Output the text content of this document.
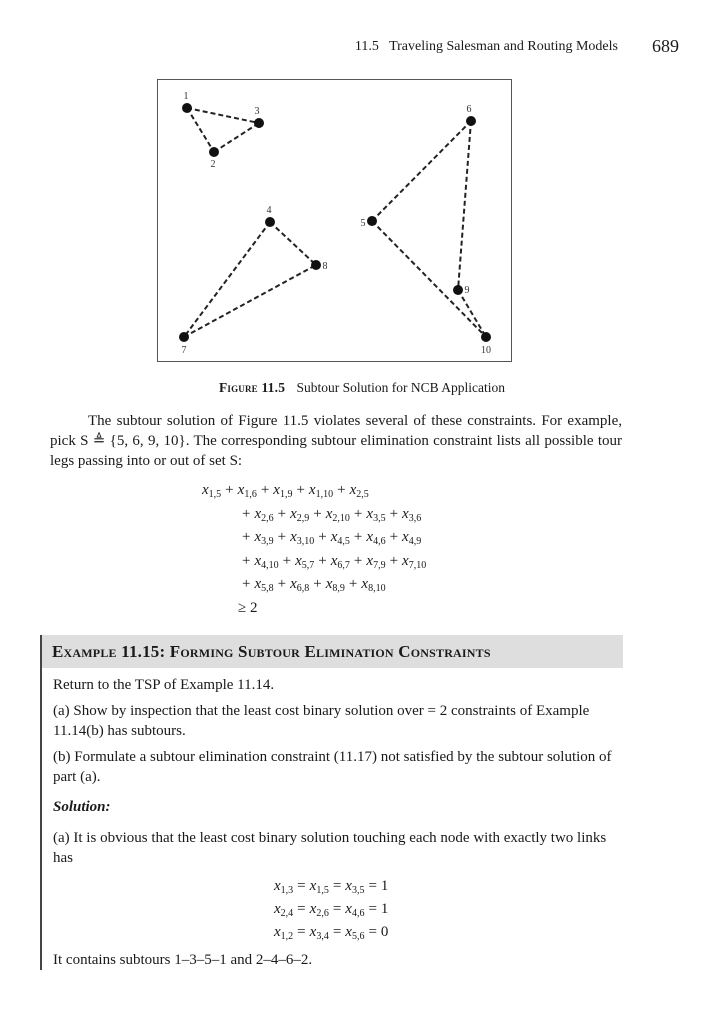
11.5   Traveling Salesman and Routing Models 689
1
2
3
4
5
6
7
8
9
10
Figure 11.5 Subtour Solution for NCB Application
The subtour solution of Figure 11.5 violates several of these constraints. For example, pick S ≜ {5, 6, 9, 10}. The corresponding subtour elimination constraint lists all possible tour legs passing into or out of set S:
$x_{1,5} + x_{1,6} + x_{1,9} + x_{1,10} + x_{2,5}$
+ $x_{2,6} + x_{2,9} + x_{2,10} + x_{3,5} + x_{3,6}$
+ $x_{3,9} + x_{3,10} + x_{4,5} + x_{4,6} + x_{4,9}$
+ $x_{4,10} + x_{5,7} + x_{6,7} + x_{7,9} + x_{7,10}$
+ $x_{5,8} + x_{6,8} + x_{8,9} + x_{8,10}$
≥ 2
Example 11.15: Forming Subtour Elimination Constraints
Return to the TSP of Example 11.14.
(a) Show by inspection that the least cost binary solution over = 2 constraints of Example 11.14(b) has subtours.
(b) Formulate a subtour elimination constraint (11.17) not satisfied by the subtour solution of part (a).
Solution:
(a) It is obvious that the least cost binary solution touching each node with exactly two links has
$x_{1,3} = x_{1,5} = x_{3,5} = 1$
$x_{2,4} = x_{2,6} = x_{4,6} = 1$
$x_{1,2} = x_{3,4} = x_{5,6} = 0$
It contains subtours 1–3–5–1 and 2–4–6–2.
